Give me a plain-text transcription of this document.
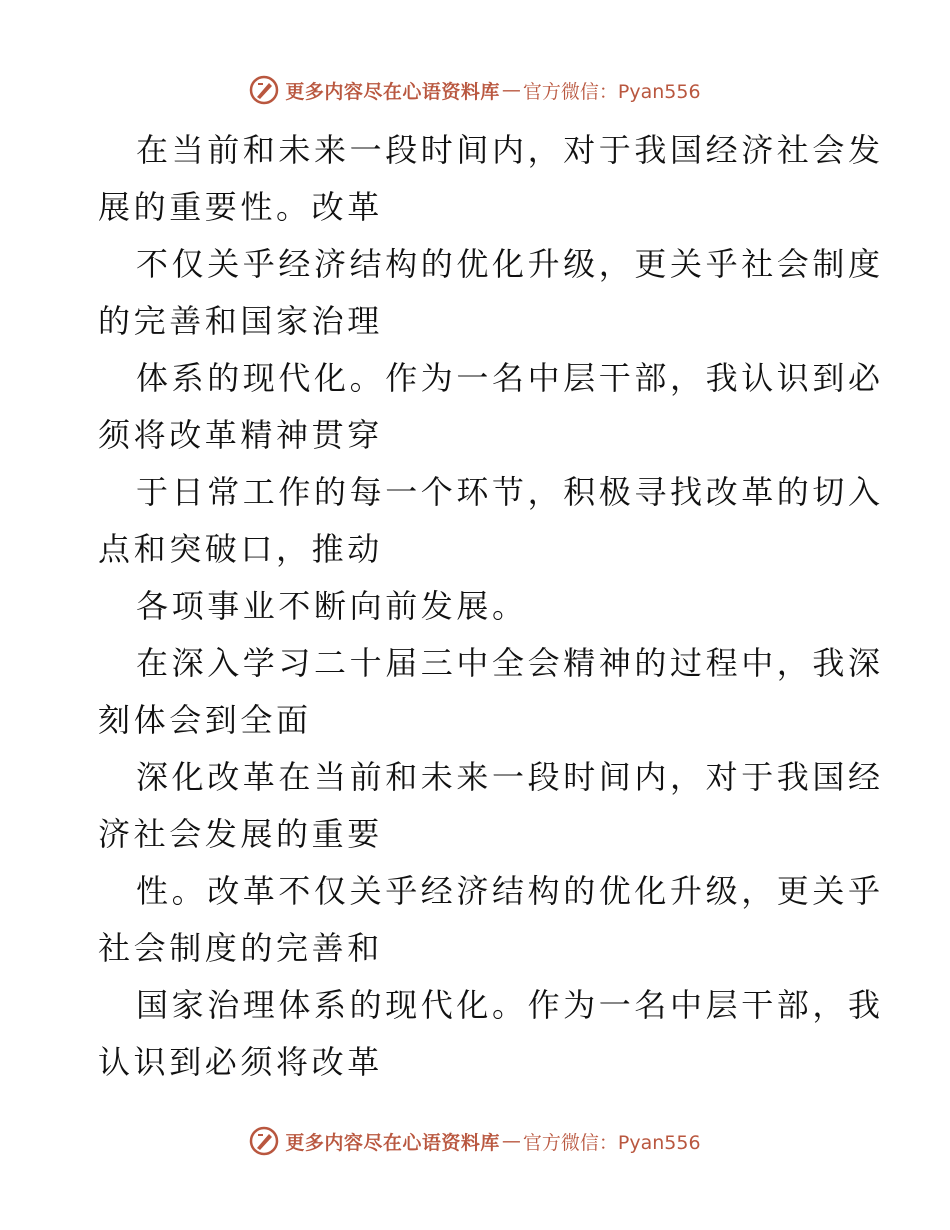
更多内容尽在心语资料库 — 官方微信：Pyan556
在当前和未来一段时间内，对于我国经济社会发
展的重要性。改革
不仅关乎经济结构的优化升级，更关乎社会制度
的完善和国家治理
体系的现代化。作为一名中层干部，我认识到必
须将改革精神贯穿
于日常工作的每一个环节，积极寻找改革的切入
点和突破口，推动
各项事业不断向前发展。
在深入学习二十届三中全会精神的过程中，我深
刻体会到全面
深化改革在当前和未来一段时间内，对于我国经
济社会发展的重要
性。改革不仅关乎经济结构的优化升级，更关乎
社会制度的完善和
国家治理体系的现代化。作为一名中层干部，我
认识到必须将改革
更多内容尽在心语资料库 — 官方微信：Pyan556
